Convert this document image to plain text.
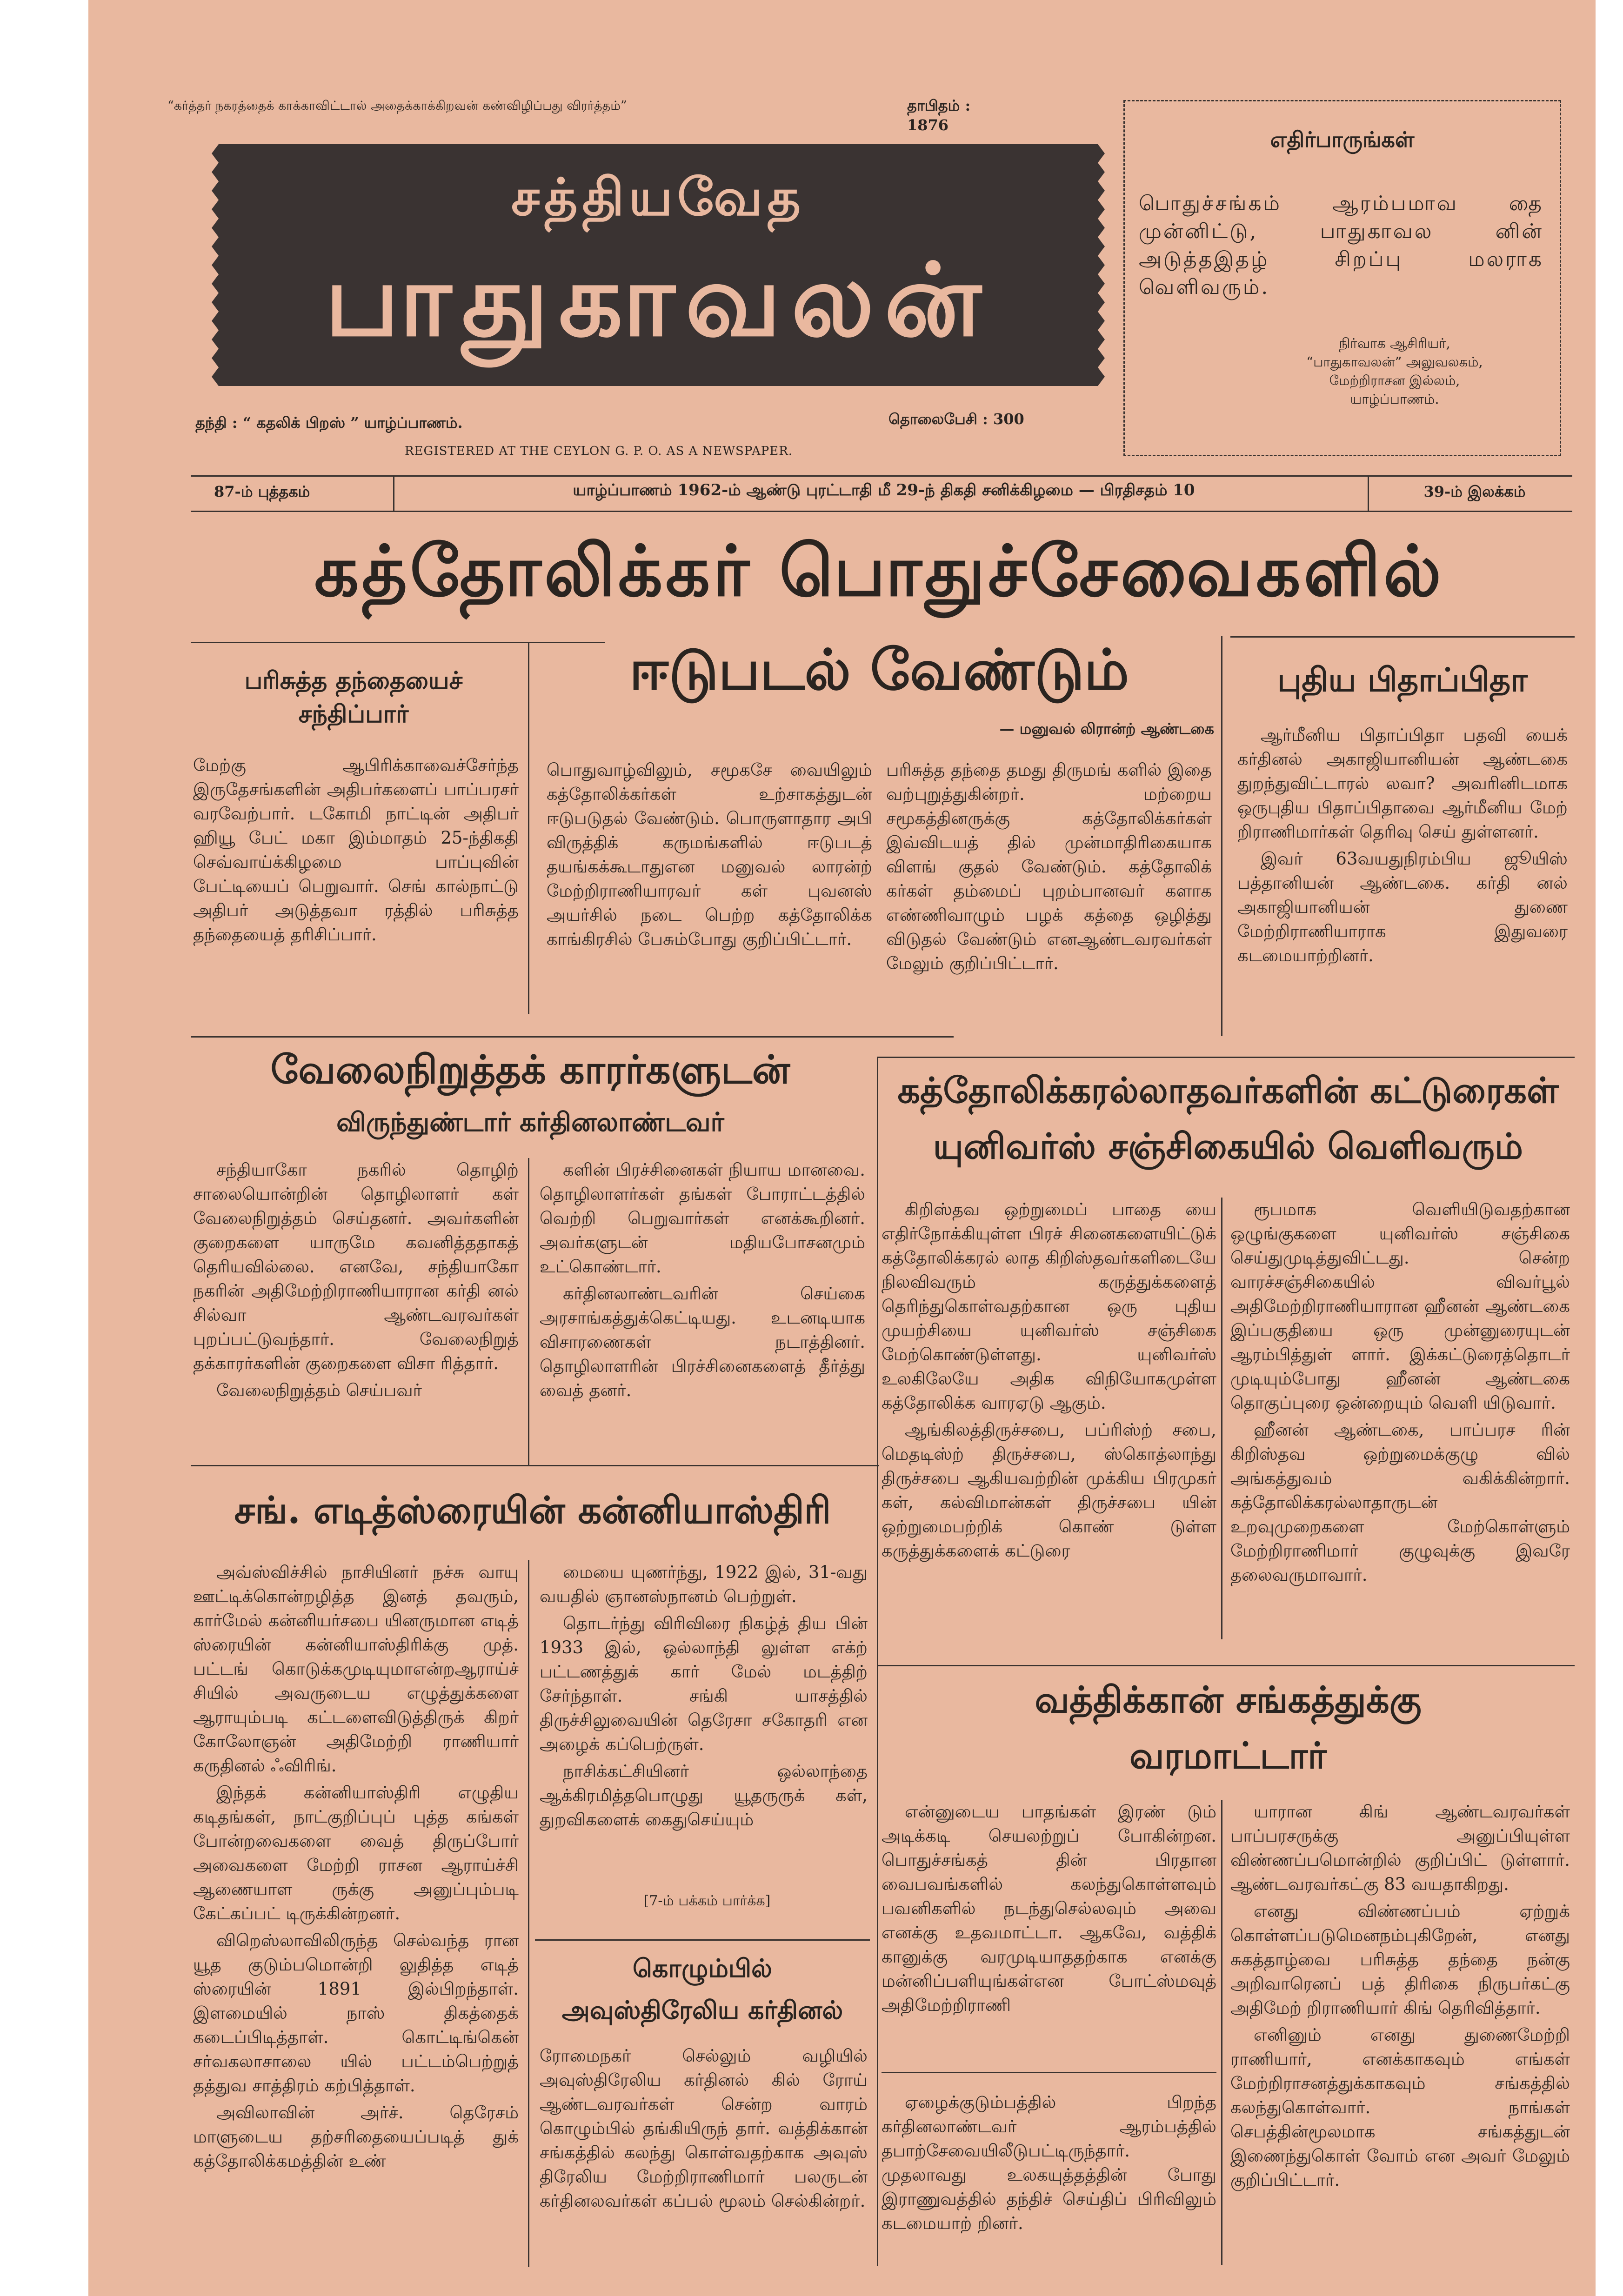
“கர்த்தர் நகரத்தைக் காக்காவிட்டால் அதைக்காக்கிறவன் கண்விழிப்பது விரர்த்தம்”	தாபிதம் : 1876
சத்தியவேத
பாதுகாவலன்
தந்தி : “ கதலிக் பிறஸ் ” யாழ்ப்பாணம்.	தொலைபேசி : 300
REGISTERED AT THE CEYLON G. P. O. AS A NEWSPAPER.
எதிர்பாருங்கள்
பொதுச்சங்கம் ஆரம்பமாவ தை முன்னிட்டு, பாதுகாவல னின் அடுத்தஇதழ் சிறப்பு மலராக வெளிவரும்.
நிர்வாக ஆசிரியர்,
“பாதுகாவலன்” அலுவலகம்,
மேற்றிராசன இல்லம்,
யாழ்ப்பாணம்.
87-ம் புத்தகம்	யாழ்ப்பாணம் 1962-ம் ஆண்டு புரட்டாதி மீ 29-ந் திகதி சனிக்கிழமை — பிரதிசதம் 10	39-ம் இலக்கம்
கத்தோலிக்கர் பொதுச்சேவைகளில்
ஈடுபடல் வேண்டும்
— மனுவல் லிரான்ற் ஆண்டகை
பொதுவாழ்விலும், சமூகசே வையிலும் கத்தோலிக்கர்கள் உற்சாகத்துடன் ஈடுபடுதல் வேண்டும். பொருளாதார அபி விருத்திக் கருமங்களில் ஈடுபடத் தயங்கக்கூடாதுஎன மனுவல் லாரன்ற் மேற்றிராணியாரவர் கள் புவனஸ் அயர்சில் நடை பெற்ற கத்தோலிக்க காங்கிரசில் பேசும்போது குறிப்பிட்டார்.
பரிசுத்த தந்தை தமது திருமங் களில் இதை வற்புறுத்துகின்றர். மற்றைய சமூகத்தினருக்கு கத்தோலிக்கர்கள் இவ்விடயத் தில் முன்மாதிரிகையாக விளங் குதல் வேண்டும். கத்தோலிக் கர்கள் தம்மைப் புறம்பானவர் களாக எண்ணிவாழும் பழக் கத்தை ஒழித்து விடுதல் வேண்டும் எனஆண்டவரவர்கள் மேலும் குறிப்பிட்டார்.
பரிசுத்த தந்தையைச்
சந்திப்பார்
மேற்கு ஆபிரிக்காவைச்சேர்ந்த இருதேசங்களின் அதிபர்களைப் பாப்பரசர் வரவேற்பார். டகோமி நாட்டின் அதிபர் ஹியூ பேட் மகா இம்மாதம் 25-ந்திகதி செவ்வாய்க்கிழமை பாப்புவின் பேட்டியைப் பெறுவார். செங் கால்நாட்டு அதிபர் அடுத்தவா ரத்தில் பரிசுத்த தந்தையைத் தரிசிப்பார்.
புதிய பிதாப்பிதா

ஆர்மீனிய பிதாப்பிதா பதவி யைக் கர்தினல் அகாஜியானியன் ஆண்டகை துறந்துவிட்டாரல் லவா? அவரினிடமாக ஒருபுதிய பிதாப்பிதாவை ஆர்மீனிய மேற் றிராணிமார்கள் தெரிவு செய் துள்ளனர்.

இவர் 63வயதுநிரம்பிய ஜூயிஸ் பத்தானியன் ஆண்டகை. கர்தி னல் அகாஜியானியன் துணை மேற்றிராணியாராக இதுவரை கடமையாற்றினர்.

வேலைநிறுத்தக் காரர்களுடன்
விருந்துண்டார் கர்தினலாண்டவர்

சந்தியாகோ நகரில் தொழிற் சாலையொன்றின் தொழிலாளர் கள் வேலைநிறுத்தம் செய்தனர். அவர்களின் குறைகளை யாருமே கவனித்ததாகத் தெரியவில்லை. எனவே, சந்தியாகோ நகரின் அதிமேற்றிராணியாரான கர்தி னல் சில்வா ஆண்டவரவர்கள் புறப்பட்டுவந்தார். வேலைநிறுத் தக்காரர்களின் குறைகளை விசா ரித்தார்.

வேலைநிறுத்தம் செய்பவர்

களின் பிரச்சினைகள் நியாய மானவை. தொழிலாளர்கள் தங்கள் போராட்டத்தில் வெற்றி பெறுவார்கள் எனக்கூறினர். அவர்களுடன் மதியபோசனமும் உட்கொண்டார்.

கர்தினலாண்டவரின் செய்கை அரசாங்கத்துக்கெட்டியது. உடனடியாக விசாரணைகள் நடாத்தினர். தொழிலாளரின் பிரச்சினைகளைத் தீர்த்து வைத் தனர்.

கத்தோலிக்கரல்லாதவர்களின் கட்டுரைகள்
யுனிவர்ஸ் சஞ்சிகையில் வெளிவரும்

கிறிஸ்தவ ஒற்றுமைப் பாதை யை எதிர்நோக்கியுள்ள பிரச் சினைகளையிட்டுக் கத்தோலிக்கரல் லாத கிறிஸ்தவர்களிடையே நிலவிவரும் கருத்துக்களைத் தெரிந்துகொள்வதற்கான ஒரு புதிய முயற்சியை யுனிவர்ஸ் சஞ்சிகை மேற்கொண்டுள்ளது. யுனிவர்ஸ் உலகிலேயே அதிக விநியோகமுள்ள கத்தோலிக்க வாரஏடு ஆகும்.

ஆங்கிலத்திருச்சபை, பப்ரிஸ்ற் சபை, மெதடிஸ்ற் திருச்சபை, ஸ்கொத்லாந்து திருச்சபை ஆகியவற்றின் முக்கிய பிரமுகர் கள், கல்விமான்கள் திருச்சபை யின் ஒற்றுமைபற்றிக் கொண் டுள்ள கருத்துக்களைக் கட்டுரை

ரூபமாக வெளியிடுவதற்கான ஒழுங்குகளை யுனிவர்ஸ் சஞ்சிகை செய்துமுடித்துவிட்டது. சென்ற வாரச்சஞ்சிகையில் விவர்பூல் அதிமேற்றிராணியாரான ஹீனன் ஆண்டகை இப்பகுதியை ஒரு முன்னுரையுடன் ஆரம்பித்துள் ளார். இக்கட்டுரைத்தொடர் முடியும்போது ஹீனன் ஆண்டகை தொகுப்புரை ஒன்றையும் வெளி யிடுவார்.

ஹீனன் ஆண்டகை, பாப்பரச ரின் கிறிஸ்தவ ஒற்றுமைக்குழு வில் அங்கத்துவம் வகிக்கின்றார். கத்தோலிக்கரல்லாதாருடன் உறவுமுறைகளை மேற்கொள்ளும் மேற்றிராணிமார் குழுவுக்கு இவரே தலைவருமாவார்.

சங். எடித்ஸ்ரையின் கன்னியாஸ்திரி

அவ்ஸ்விச்சில் நாசியினர் நச்சு வாயு ஊட்டிக்கொன்றழித்த இனத் தவரும், கார்மேல் கன்னியர்சபை யினருமான எடித் ஸ்ரையின் கன்னியாஸ்திரிக்கு முத். பட்டங் கொடுக்கமுடியுமாஎன்றஆராய்ச் சியில் அவருடைய எழுத்துக்களை ஆராயும்படி கட்டளைவிடுத்திருக் கிறர் கோலோஞன் அதிமேற்றி ராணியார் கருதினல் ஃவிரிங்.

இந்தக் கன்னியாஸ்திரி எழுதிய கடிதங்கள், நாட்குறிப்புப் புத்த கங்கள் போன்றவைகளை வைத் திருப்போர் அவைகளை மேற்றி ராசன ஆராய்ச்சி ஆணையாள ருக்கு அனுப்பும்படி கேட்கப்பட் டிருக்கின்றனர்.

விறெஸ்லாவிலிருந்த செல்வந்த ரான யூத குடும்பமொன்றி லுதித்த எடித் ஸ்ரையின் 1891 இல்பிறந்தாள். இளமையில் நாஸ் திகத்தைக் கடைப்பிடித்தாள். கொட்டிங்கென் சர்வகலாசாலை யில் பட்டம்பெற்றுத் தத்துவ சாத்திரம் கற்பித்தாள்.

அவிலாவின் அர்ச். தெரேசம் மாளுடைய தற்சரிதையைப்படித் துக் கத்தோலிக்கமத்தின் உண்

மையை யுணர்ந்து, 1922 இல், 31-வது வயதில் ஞானஸ்நானம் பெற்றுள்.

தொடர்ந்து விரிவிரை நிகழ்த் திய பின் 1933 இல், ஒல்லாந்தி லுள்ள எக்ற் பட்டணத்துக் கார் மேல் மடத்திற் சேர்ந்தாள். சங்கி யாசத்தில் திருச்சிலுவையின் தெரேசா சகோதரி என அழைக் கப்பெற்ருள்.

நாசிக்கட்சியினர் ஒல்லாந்தை ஆக்கிரமித்தபொழுது யூதருருக் கள், துறவிகளைக் கைதுசெய்யும்

[7-ம் பக்கம் பார்க்க]
கொழும்பில்
அவுஸ்திரேலிய கர்தினல்
ரோமைநகர் செல்லும் வழியில் அவுஸ்திரேலிய கர்தினல் கில் ரோய் ஆண்டவரவர்கள் சென்ற வாரம் கொழும்பில் தங்கியிருந் தார். வத்திக்கான் சங்கத்தில் கலந்து கொள்வதற்காக அவுஸ் திரேலிய மேற்றிராணிமார் பலருடன் கர்தினலவர்கள் கப்பல் மூலம் செல்கின்றர்.
வத்திக்கான் சங்கத்துக்கு
வரமாட்டார்

என்னுடைய பாதங்கள் இரண் டும் அடிக்கடி செயலற்றுப் போகின்றன. பொதுச்சங்கத் தின் பிரதான வைபவங்களில் கலந்துகொள்ளவும் பவனிகளில் நடந்துசெல்லவும் அவை எனக்கு உதவமாட்டா. ஆகவே, வத்திக் கானுக்கு வரமுடியாததற்காக எனக்கு மன்னிப்பளியுங்கள்என போட்ஸ்மவுத் அதிமேற்றிராணி

ஏழைக்குடும்பத்தில் பிறந்த கர்தினலாண்டவர் ஆரம்பத்தில் தபாற்சேவையிலீடுபட்டிருந்தார். முதலாவது உலகயுத்தத்தின் போது இராணுவத்தில் தந்திச் செய்திப் பிரிவிலும் கடமையாற் றினர்.

யாரான கிங் ஆண்டவரவர்கள் பாப்பரசருக்கு அனுப்பியுள்ள விண்ணப்பமொன்றில் குறிப்பிட் டுள்ளார். ஆண்டவரவர்கட்கு 83 வயதாகிறது.

எனது விண்ணப்பம் ஏற்றுக் கொள்ளப்படுமெனநம்புகிறேன், எனது சுகத்தாழ்வை பரிசுத்த தந்தை நன்கு அறிவாரெனப் பத் திரிகை நிருபர்கட்கு அதிமேற் றிராணியார் கிங் தெரிவித்தார்.

எனினும் எனது துணைமேற்றி ராணியார், எனக்காகவும் எங்கள் மேற்றிராசனத்துக்காகவும் சங்கத்தில் கலந்துகொள்வார். நாங்கள் செபத்தின்மூலமாக சங்கத்துடன் இணைந்துகொள் வோம் என அவர் மேலும் குறிப்பிட்டார்.
